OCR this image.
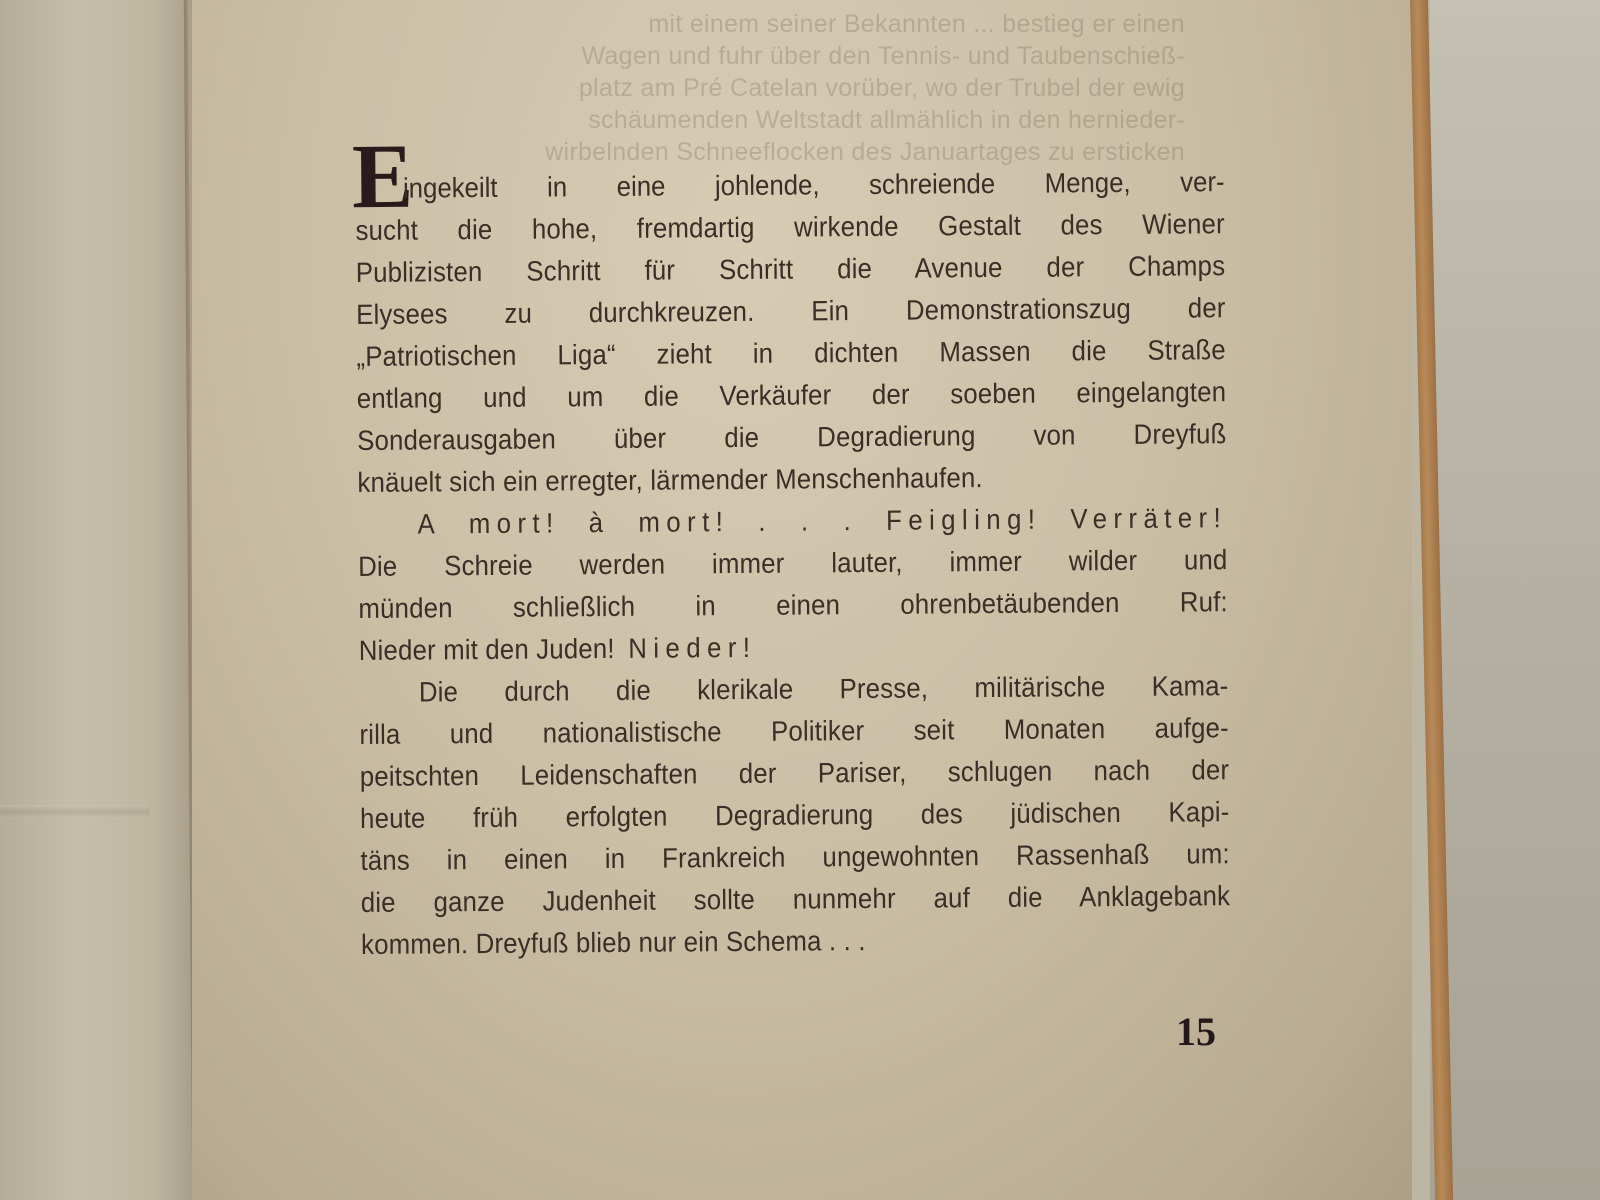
mit einem seiner Bekannten ... bestieg er einen
Wagen und fuhr über den Tennis- und Taubenschieß-
platz am Pré Catelan vorüber, wo der Trubel der ewig
schäumenden Weltstadt allmählich in den hernieder-
wirbelnden Schneeflocken des Januartages zu ersticken
E
ingekeilt in eine johlende, schreiende Menge, ver-
sucht die hohe, fremdartig wirkende Gestalt des Wiener
Publizisten Schritt für Schritt die Avenue der Champs
Elysees zu durchkreuzen. Ein Demonstrationszug der
„Patriotischen Liga“ zieht in dichten Massen die Straße
entlang und um die Verkäufer der soeben eingelangten
Sonderausgaben über die Degradierung von Dreyfuß
knäuelt sich ein erregter, lärmender Menschenhaufen.
A mort! à mort! . . . Feigling! Verräter!
Die Schreie werden immer lauter, immer wilder und
münden schließlich in einen ohrenbetäubenden Ruf:
Nieder mit den Juden! Nieder!
Die durch die klerikale Presse, militärische Kama-
rilla und nationalistische Politiker seit Monaten aufge-
peitschten Leidenschaften der Pariser, schlugen nach der
heute früh erfolgten Degradierung des jüdischen Kapi-
täns in einen in Frankreich ungewohnten Rassenhaß um:
die ganze Judenheit sollte nunmehr auf die Anklagebank
kommen. Dreyfuß blieb nur ein Schema . . .
15
